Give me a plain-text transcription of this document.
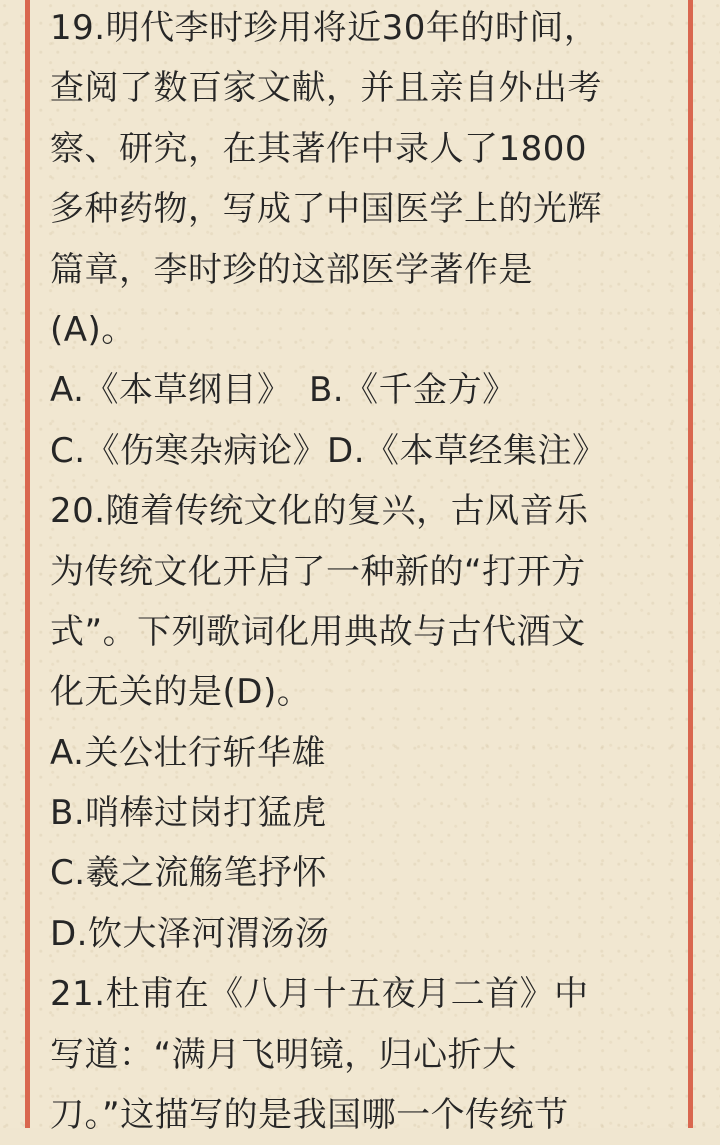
19.明代李时珍用将近30年的时间，
查阅了数百家文献，并且亲自外出考
察、研究，在其著作中录人了1800
多种药物，写成了中国医学上的光辉
篇章，李时珍的这部医学著作是
(A)。
A.《本草纲目》　B.《千金方》
C.《伤寒杂病论》D.《本草经集注》
20.随着传统文化的复兴，古风音乐
为传统文化开启了一种新的“打开方
式”。下列歌词化用典故与古代酒文
化无关的是(D)。
A.关公壮行斩华雄
B.哨棒过岗打猛虎
C.羲之流觞笔抒怀
D.饮大泽河渭汤汤
21.杜甫在《八月十五夜月二首》中
写道：“满月飞明镜，归心折大
刀。”这描写的是我国哪一个传统节
